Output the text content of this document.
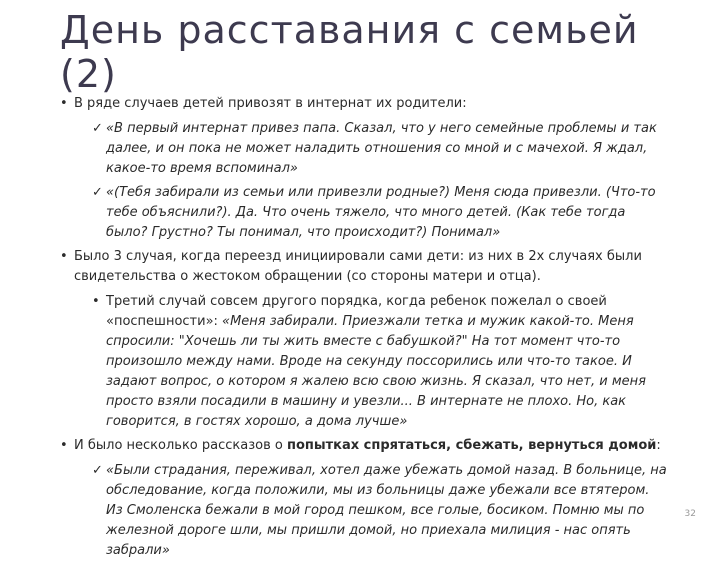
День расставания с семьей (2)

• В ряде случаев детей привозят в интернат их родители:

✓ «В первый интернат привез папа. Сказал, что у него семейные проблемы и так далее, и он пока не может наладить отношения со мной и с мачехой. Я ждал, какое-то время вспоминал»

✓ «(Тебя забирали из семьи или привезли родные?) Меня сюда привезли. (Что-то тебе объяснили?). Да. Что очень тяжело, что много детей. (Как тебе тогда было? Грустно? Ты понимал, что происходит?) Понимал»

• Было 3 случая, когда переезд инициировали сами дети: из них в 2х случаях были свидетельства о жестоком обращении (со стороны матери и отца).

• Третий случай совсем другого порядка, когда ребенок пожелал о своей «поспешности»: «Меня забирали. Приезжали тетка и мужик какой-то. Меня спросили: "Хочешь ли ты жить вместе с бабушкой?" На тот момент что-то произошло между нами. Вроде на секунду поссорились или что-то такое. И задают вопрос, о котором я жалею всю свою жизнь. Я сказал, что нет, и меня просто взяли посадили в машину и увезли... В интернате не плохо. Но, как говорится, в гостях хорошо, а дома лучше»

• И было несколько рассказов о попытках спрятаться, сбежать, вернуться домой:

✓ «Были страдания, переживал, хотел даже убежать домой назад. В больнице, на обследование, когда положили, мы из больницы даже убежали все втятером. Из Смоленска бежали в мой город пешком, все голые, босиком. Помню мы по железной дороге шли, мы пришли домой, но приехала милиция - нас опять забрали»

32
